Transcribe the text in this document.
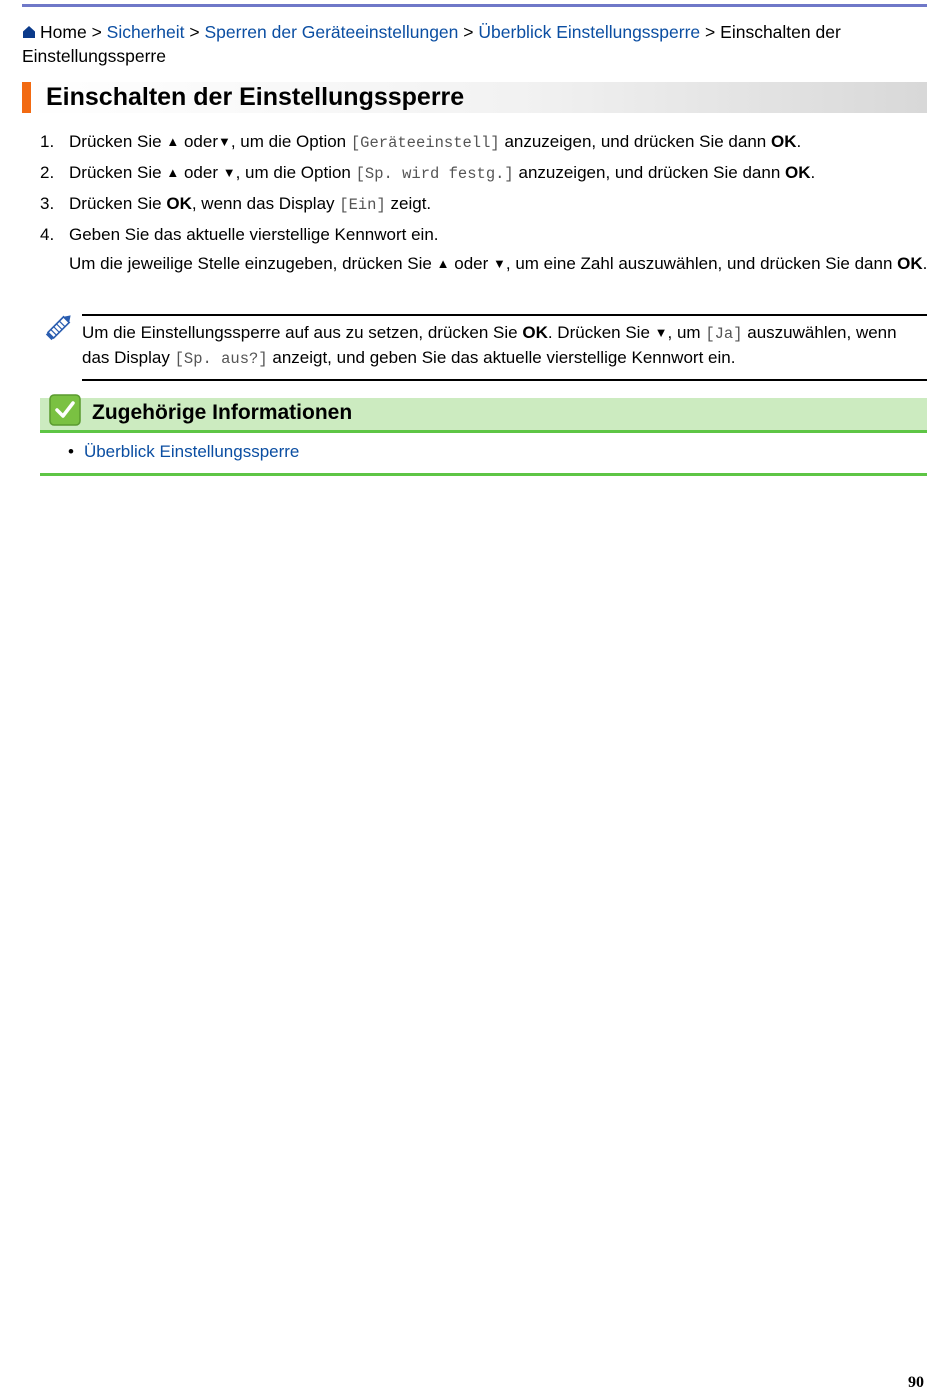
Home > Sicherheit > Sperren der Geräteeinstellungen > Überblick Einstellungssperre > Einschalten der Einstellungssperre
Einschalten der Einstellungssperre
1. Drücken Sie ▲ oder▼, um die Option [Geräteeinstell] anzuzeigen, und drücken Sie dann OK.

2. Drücken Sie ▲ oder ▼, um die Option [Sp. wird festg.] anzuzeigen, und drücken Sie dann OK.

3. Drücken Sie OK, wenn das Display [Ein] zeigt.

4. Geben Sie das aktuelle vierstellige Kennwort ein.

Um die jeweilige Stelle einzugeben, drücken Sie ▲ oder ▼, um eine Zahl auszuwählen, und drücken Sie dann OK.

Um die Einstellungssperre auf aus zu setzen, drücken Sie OK. Drücken Sie ▼, um [Ja] auszuwählen, wenn das Display [Sp. aus?] anzeigt, und geben Sie das aktuelle vierstellige Kennwort ein.
Zugehörige Informationen
• Überblick Einstellungssperre
90
